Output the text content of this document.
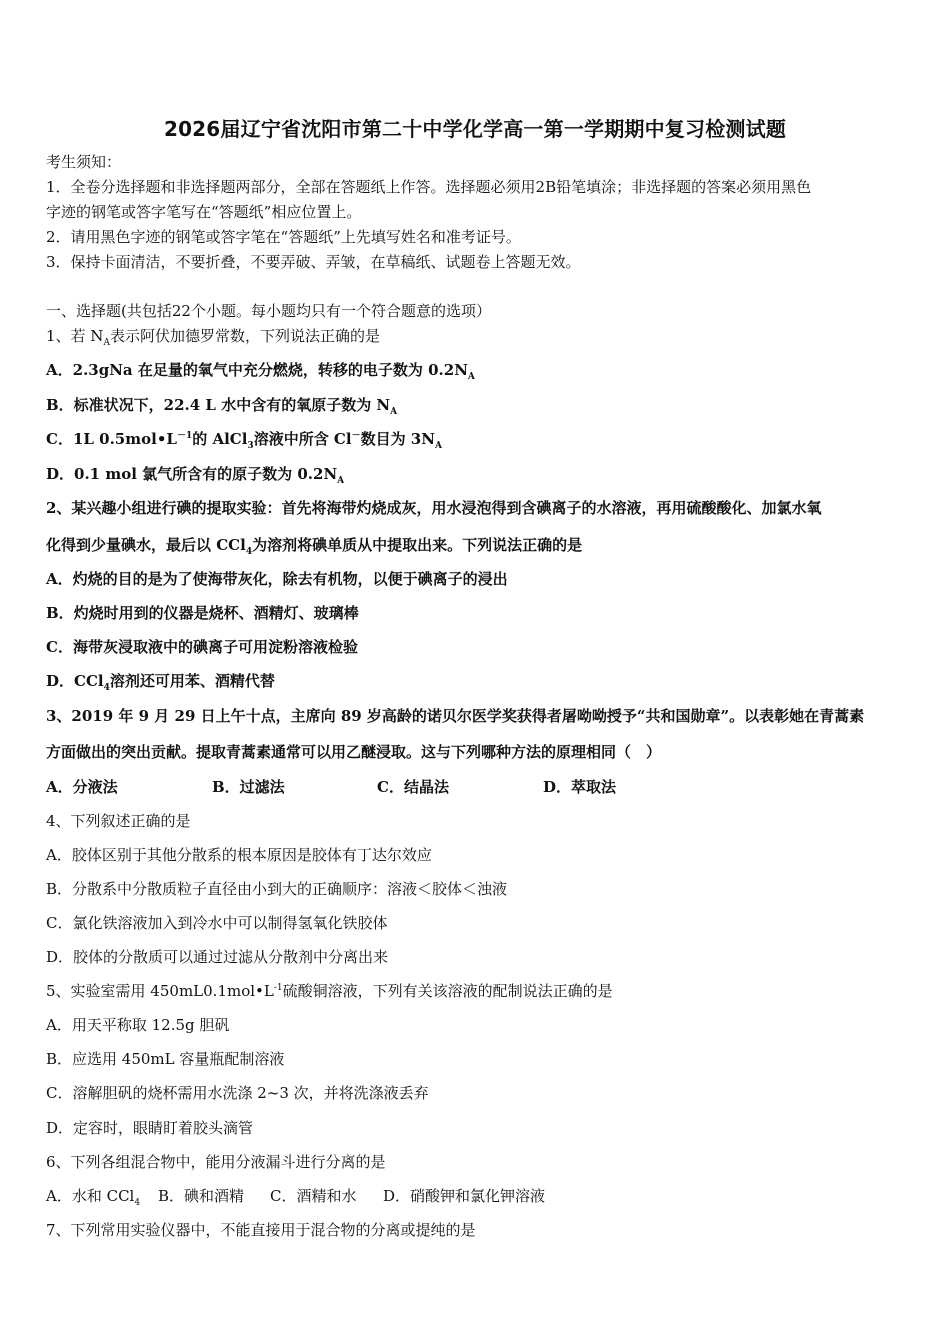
2026届辽宁省沈阳市第二十中学化学高一第一学期期中复习检测试题
考生须知：
1．全卷分选择题和非选择题两部分，全部在答题纸上作答。选择题必须用2B铅笔填涂；非选择题的答案必须用黑色
字迹的钢笔或答字笔写在“答题纸”相应位置上。
2．请用黑色字迹的钢笔或答字笔在“答题纸”上先填写姓名和准考证号。
3．保持卡面清洁，不要折叠，不要弄破、弄皱，在草稿纸、试题卷上答题无效。
一、选择题(共包括22个小题。每小题均只有一个符合题意的选项）
1、若 $N_A$表示阿伏加德罗常数，下列说法正确的是
A．2.3gNa 在足量的氧气中充分燃烧，转移的电子数为 $0.2N_A$
B．标准状况下，22.4 L 水中含有的氧原子数为 $N_A$
C．1L $0.5mol•L^{-1}$的 AlCl$_3$溶液中所含 Cl－数目为 $3N_A$
D．0.1 mol 氯气所含有的原子数为 $0.2N_A$
2、某兴趣小组进行碘的提取实验：首先将海带灼烧成灰，用水浸泡得到含碘离子的水溶液，再用硫酸酸化、加氯水氧
化得到少量碘水，最后以 CCl$_4$为溶剂将碘单质从中提取出来。下列说法正确的是
A．灼烧的目的是为了使海带灰化，除去有机物，以便于碘离子的浸出
B．灼烧时用到的仪器是烧杯、酒精灯、玻璃棒
C．海带灰浸取液中的碘离子可用淀粉溶液检验
D．CCl$_4$溶剂还可用苯、酒精代替
3、2019 年 9 月 29 日上午十点，主席向 89 岁高龄的诺贝尔医学奖获得者屠呦呦授予“共和国勋章”。以表彰她在青蒿素
方面做出的突出贡献。提取青蒿素通常可以用乙醚浸取。这与下列哪种方法的原理相同（　）
A．分液法	B．过滤法	C．结晶法	D．萃取法
4、下列叙述正确的是
A．胶体区别于其他分散系的根本原因是胶体有丁达尔效应
B．分散系中分散质粒子直径由小到大的正确顺序：溶液＜胶体＜浊液
C．氯化铁溶液加入到冷水中可以制得氢氧化铁胶体
D．胶体的分散质可以通过过滤从分散剂中分离出来
5、实验室需用 $450mL0.1mol•L^{-1}$硫酸铜溶液，下列有关该溶液的配制说法正确的是
A．用天平称取 12.5g 胆矾
B．应选用 450mL 容量瓶配制溶液
C．溶解胆矾的烧杯需用水洗涤 2~3 次，并将洗涤液丢弃
D．定容时，眼睛盯着胶头滴管
6、下列各组混合物中，能用分液漏斗进行分离的是
A．水和 CCl$_4$ B．碘和酒精 C．酒精和水 D．硝酸钾和氯化钾溶液
7、下列常用实验仪器中，不能直接用于混合物的分离或提纯的是
